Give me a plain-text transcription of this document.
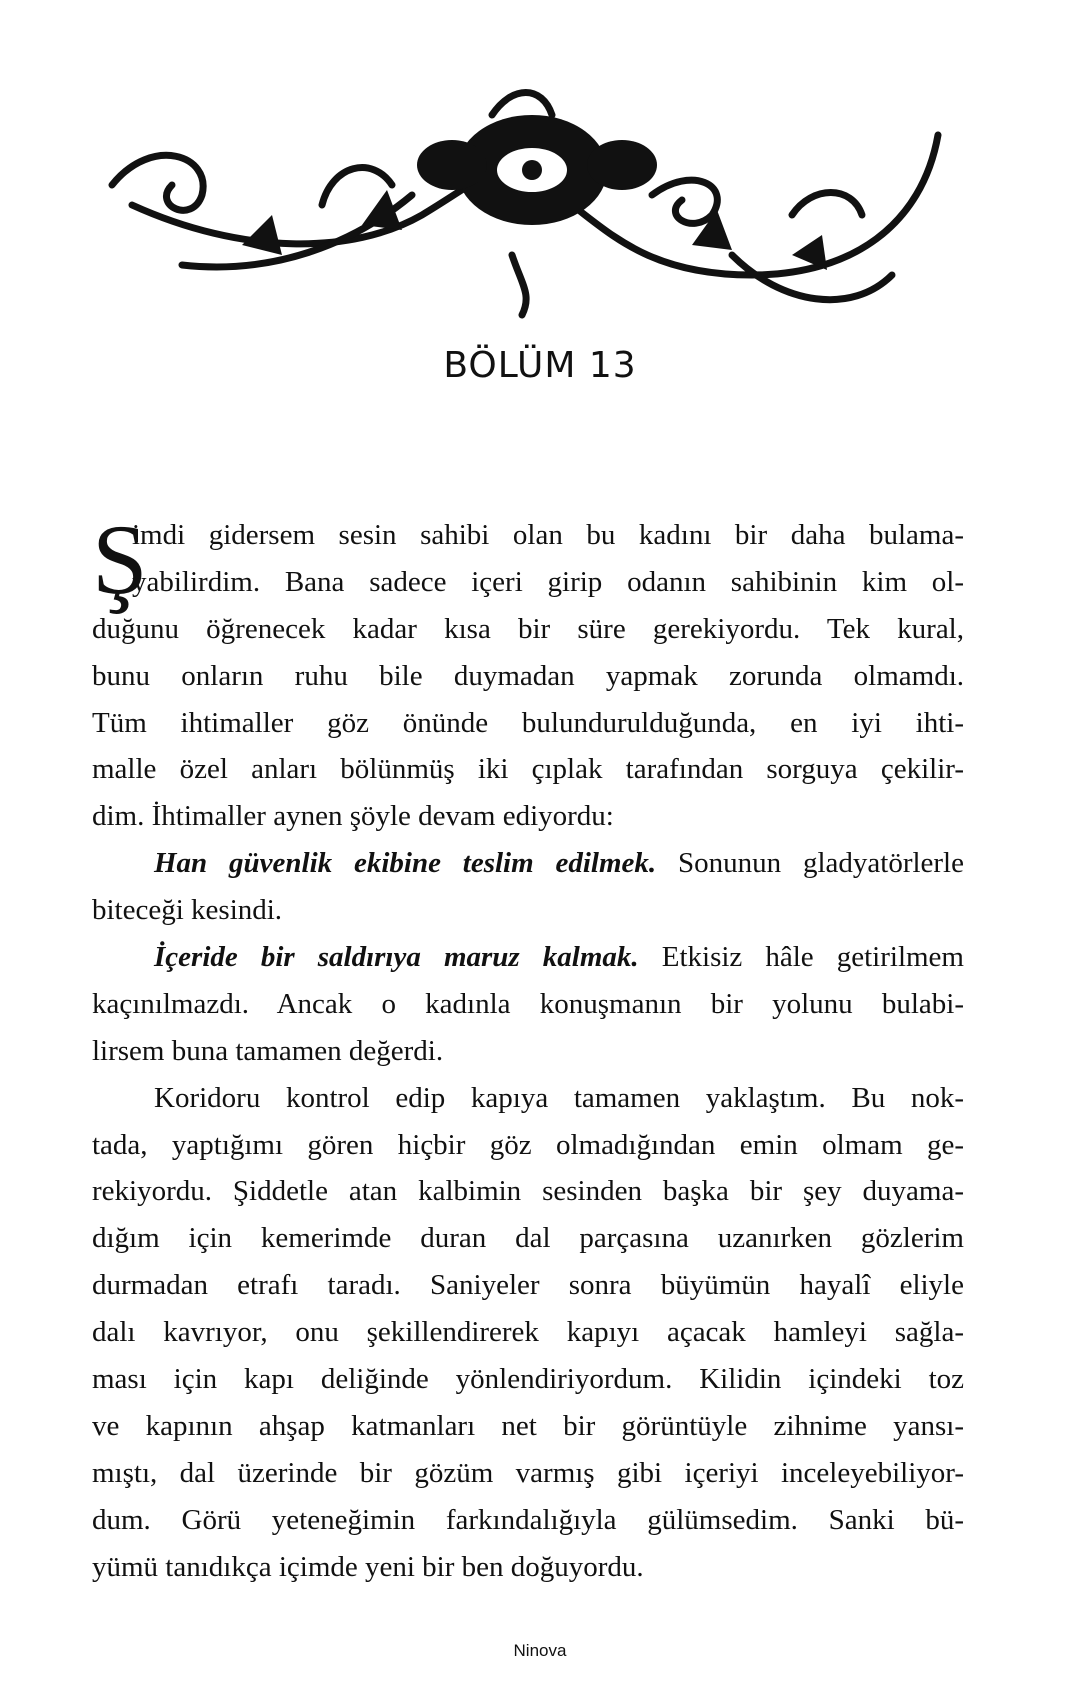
BÖLÜM 13
Ş
imdi gidersem sesin sahibi olan bu kadını bir daha bulama-
yabilirdim. Bana sadece içeri girip odanın sahibinin kim ol-
duğunu öğrenecek kadar kısa bir süre gerekiyordu. Tek kural,
bunu onların ruhu bile duymadan yapmak zorunda olmamdı.
Tüm ihtimaller göz önünde bulundurulduğunda, en iyi ihti-
malle özel anları bölünmüş iki çıplak tarafından sorguya çekilir-
dim. İhtimaller aynen şöyle devam ediyordu:
Han güvenlik ekibine teslim edilmek. Sonunun gladyatörlerle
biteceği kesindi.
İçeride bir saldırıya maruz kalmak. Etkisiz hâle getirilmem
kaçınılmazdı. Ancak o kadınla konuşmanın bir yolunu bulabi-
lirsem buna tamamen değerdi.
Koridoru kontrol edip kapıya tamamen yaklaştım. Bu nok-
tada, yaptığımı gören hiçbir göz olmadığından emin olmam ge-
rekiyordu. Şiddetle atan kalbimin sesinden başka bir şey duyama-
dığım için kemerimde duran dal parçasına uzanırken gözlerim
durmadan etrafı taradı. Saniyeler sonra büyümün hayalî eliyle
dalı kavrıyor, onu şekillendirerek kapıyı açacak hamleyi sağla-
ması için kapı deliğinde yönlendiriyordum. Kilidin içindeki toz
ve kapının ahşap katmanları net bir görüntüyle zihnime yansı-
mıştı, dal üzerinde bir gözüm varmış gibi içeriyi inceleyebiliyor-
dum. Görü yeteneğimin farkındalığıyla gülümsedim. Sanki bü-
yümü tanıdıkça içimde yeni bir ben doğuyordu.
Ninova
